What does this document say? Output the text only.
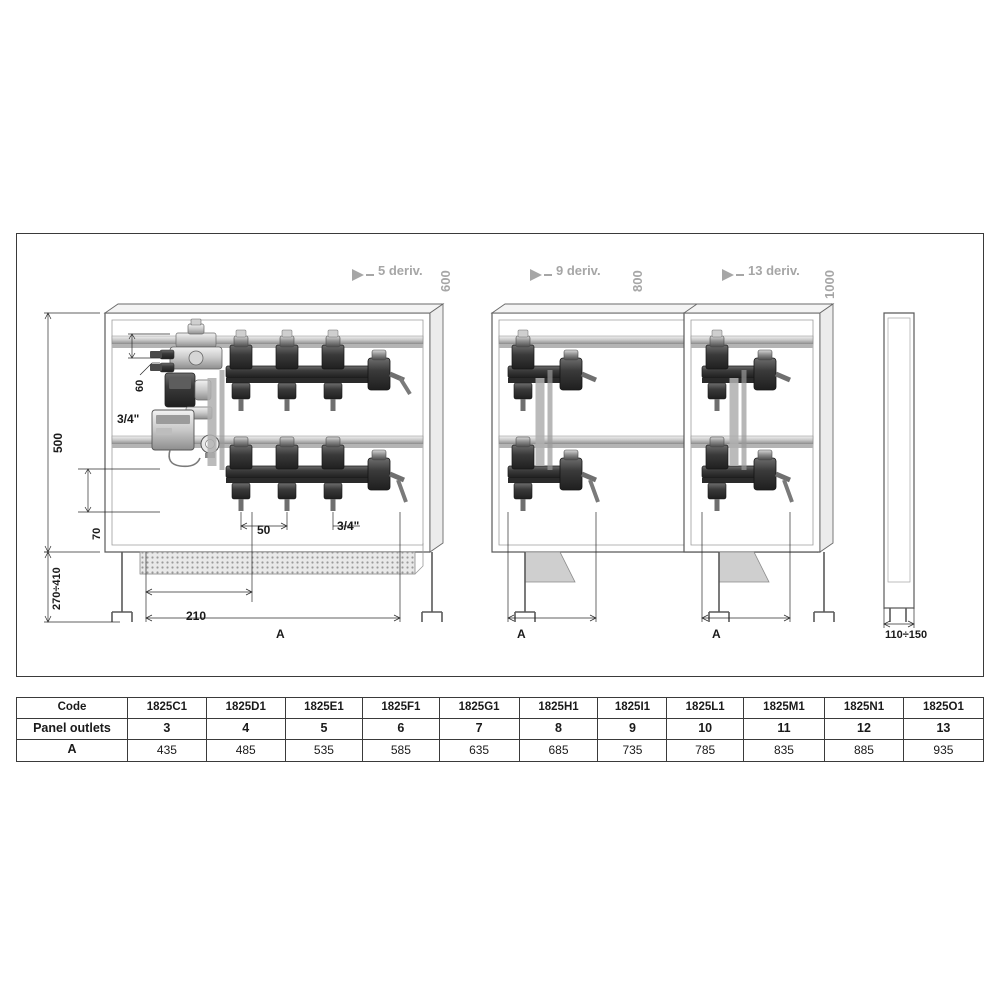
5 deriv. 600	9 deriv. 800	13 deriv. 1000
500
270÷410
60
70
3/4"
3/4"
50
210
A	A	A	110÷150
Code	1825C1	1825D1	1825E1	1825F1	1825G1	1825H1	1825I1	1825L1	1825M1	1825N1	1825O1
Panel outlets	3	4	5	6	7	8	9	10	11	12	13
A	435	485	535	585	635	685	735	785	835	885	935
